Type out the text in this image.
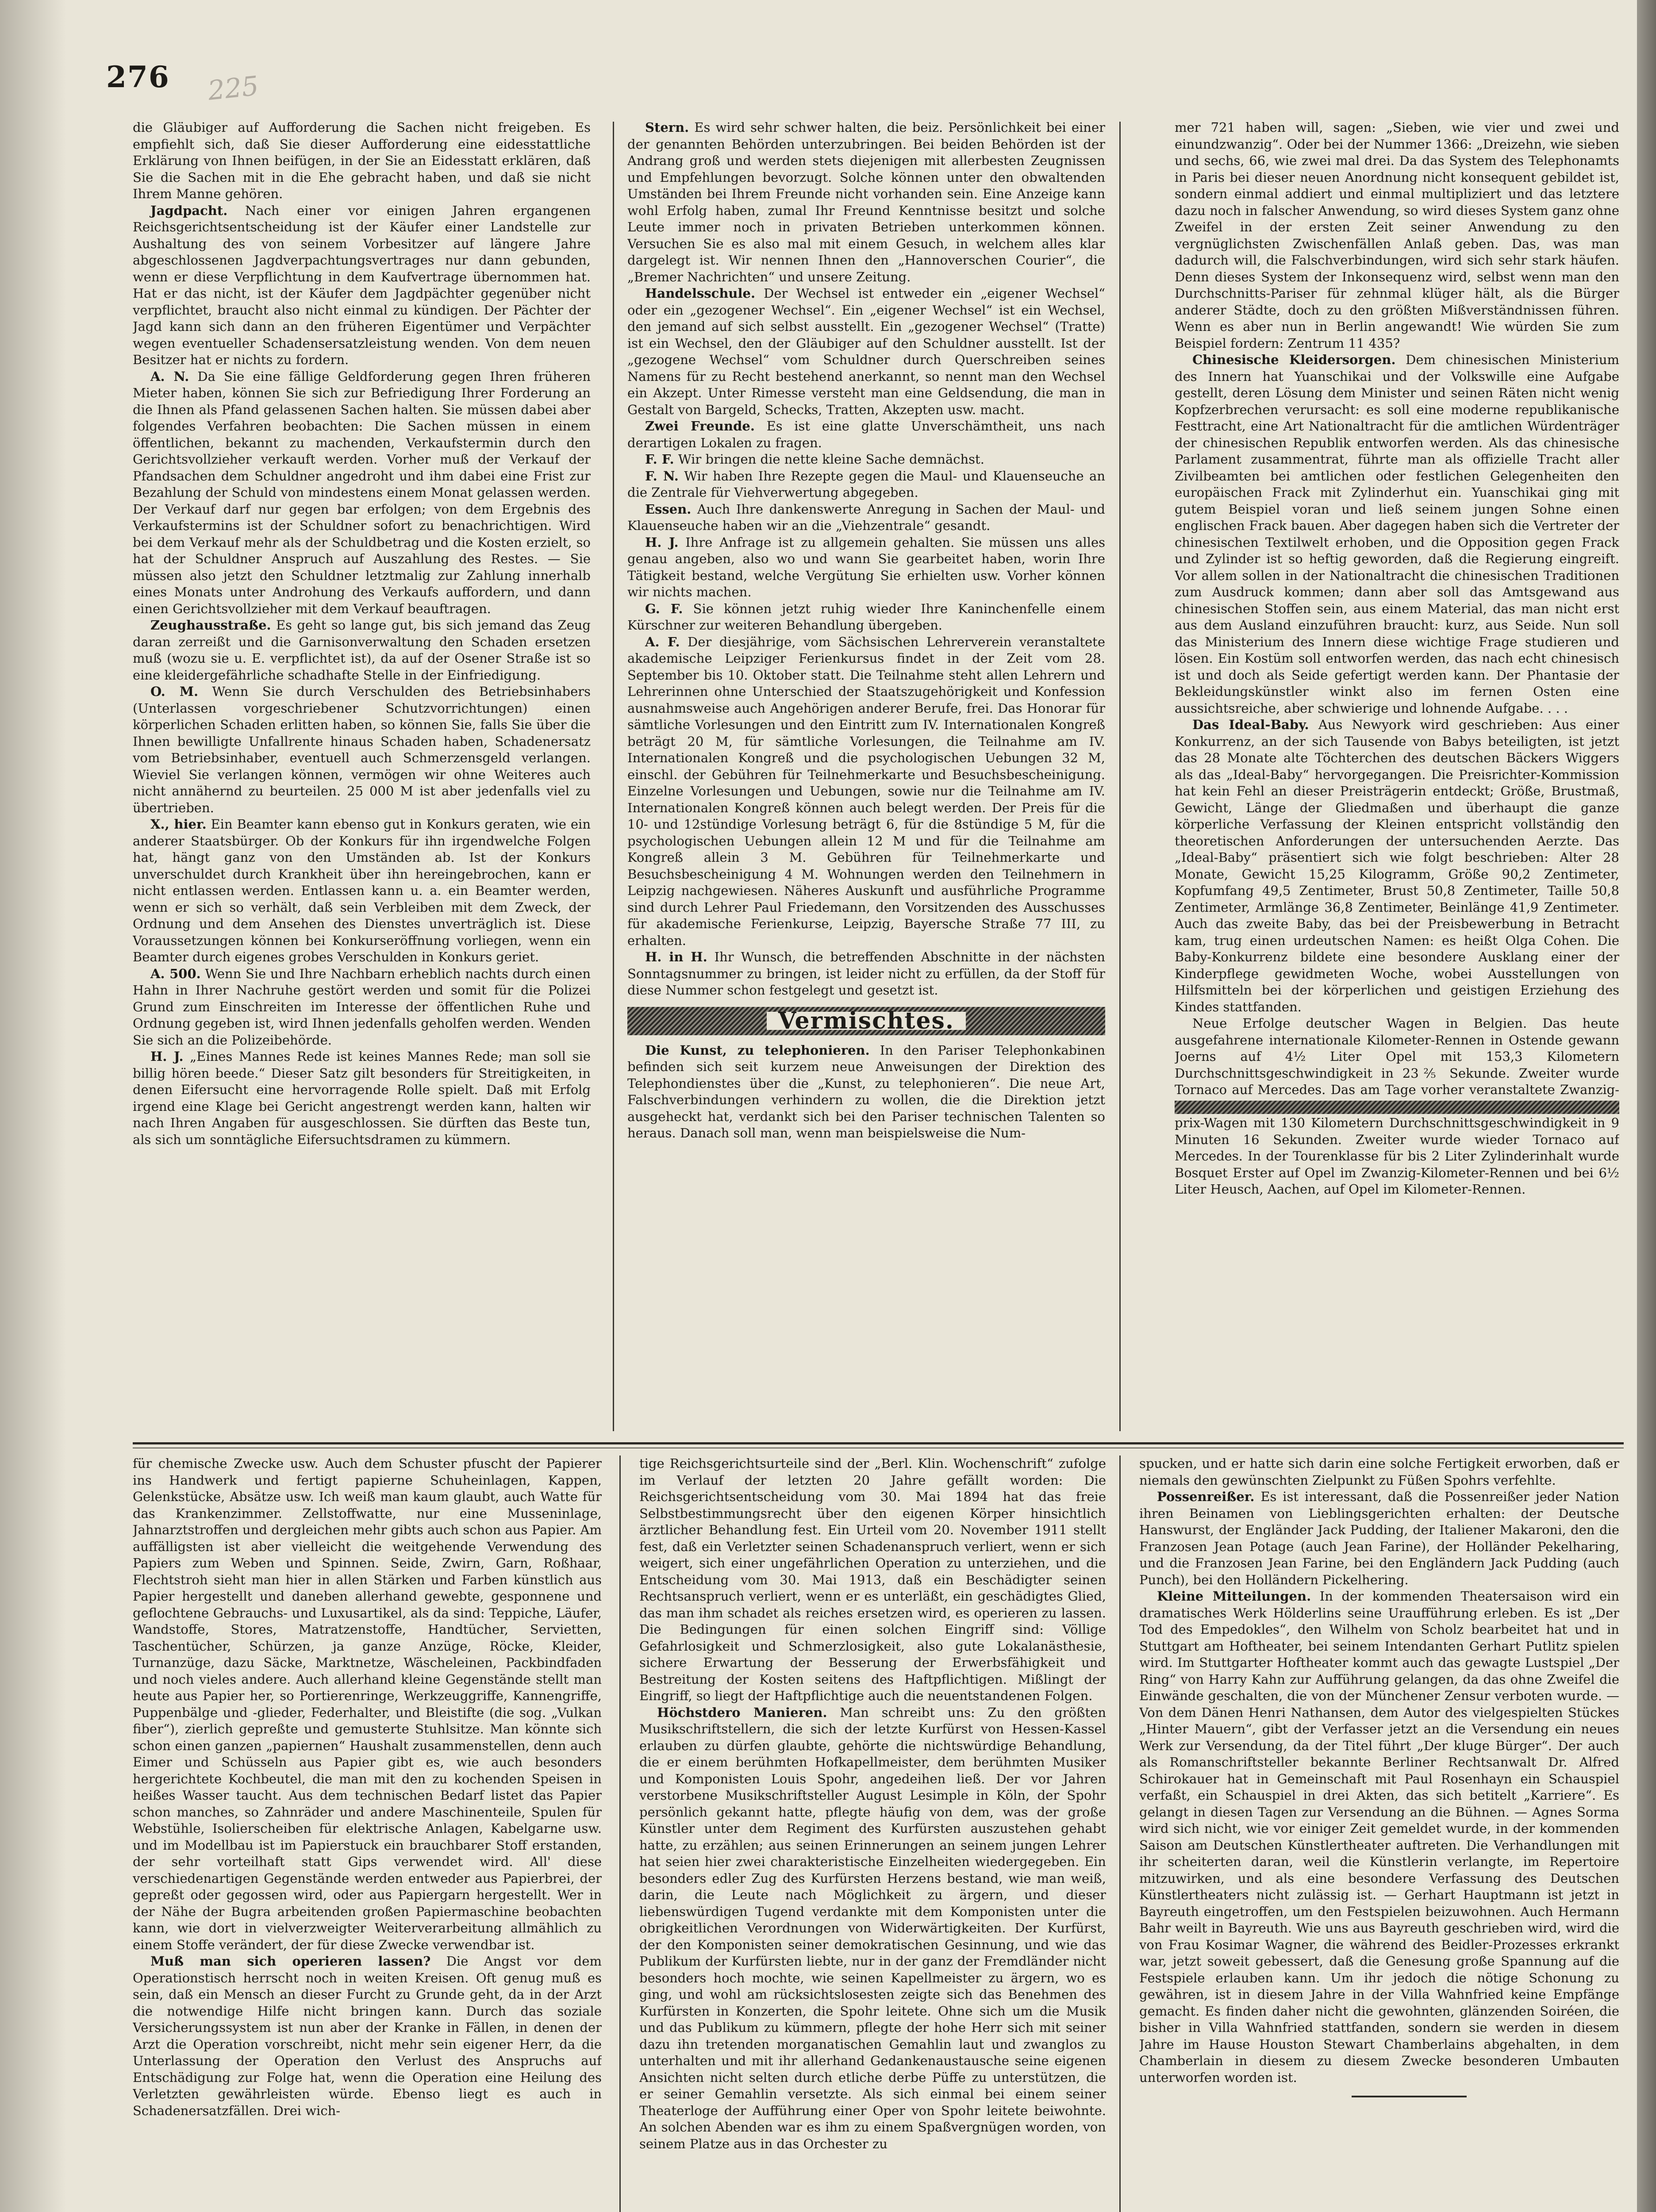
276 225

die Gläubiger auf Aufforderung die Sachen nicht freigeben. Es empfiehlt sich, daß Sie dieser Aufforderung eine eidesstattliche Erklärung von Ihnen beifügen, in der Sie an Eidesstatt erklären, daß Sie die Sachen mit in die Ehe gebracht haben, und daß sie nicht Ihrem Manne gehören.

Jagdpacht. Nach einer vor einigen Jahren ergangenen Reichsgerichtsentscheidung ist der Käufer einer Landstelle zur Aushaltung des von seinem Vorbesitzer auf längere Jahre abgeschlossenen Jagdverpachtungsvertrages nur dann gebunden, wenn er diese Verpflichtung in dem Kaufvertrage übernommen hat. Hat er das nicht, ist der Käufer dem Jagdpächter gegenüber nicht verpflichtet, braucht also nicht einmal zu kündigen. Der Pächter der Jagd kann sich dann an den früheren Eigentümer und Verpächter wegen eventueller Schadensersatzleistung wenden. Von dem neuen Besitzer hat er nichts zu fordern.

A. N. Da Sie eine fällige Geldforderung gegen Ihren früheren Mieter haben, können Sie sich zur Befriedigung Ihrer Forderung an die Ihnen als Pfand gelassenen Sachen halten. Sie müssen dabei aber folgendes Verfahren beobachten: Die Sachen müssen in einem öffentlichen, bekannt zu machenden, Verkaufstermin durch den Gerichtsvollzieher verkauft werden. Vorher muß der Verkauf der Pfandsachen dem Schuldner angedroht und ihm dabei eine Frist zur Bezahlung der Schuld von mindestens einem Monat gelassen werden. Der Verkauf darf nur gegen bar erfolgen; von dem Ergebnis des Verkaufstermins ist der Schuldner sofort zu benachrichtigen. Wird bei dem Verkauf mehr als der Schuldbetrag und die Kosten erzielt, so hat der Schuldner Anspruch auf Auszahlung des Restes. — Sie müssen also jetzt den Schuldner letztmalig zur Zahlung innerhalb eines Monats unter Androhung des Verkaufs auffordern, und dann einen Gerichtsvollzieher mit dem Verkauf beauftragen.

Zeughausstraße. Es geht so lange gut, bis sich jemand das Zeug daran zerreißt und die Garnisonverwaltung den Schaden ersetzen muß (wozu sie u. E. verpflichtet ist), da auf der Osener Straße ist so eine kleidergefährliche schadhafte Stelle in der Einfriedigung.

O. M. Wenn Sie durch Verschulden des Betriebsinhabers (Unterlassen vorgeschriebener Schutzvorrichtungen) einen körperlichen Schaden erlitten haben, so können Sie, falls Sie über die Ihnen bewilligte Unfallrente hinaus Schaden haben, Schadenersatz vom Betriebsinhaber, eventuell auch Schmerzensgeld verlangen. Wieviel Sie verlangen können, vermögen wir ohne Weiteres auch nicht annähernd zu beurteilen. 25 000 M ist aber jedenfalls viel zu übertrieben.

X., hier. Ein Beamter kann ebenso gut in Konkurs geraten, wie ein anderer Staatsbürger. Ob der Konkurs für ihn irgendwelche Folgen hat, hängt ganz von den Umständen ab. Ist der Konkurs unverschuldet durch Krankheit über ihn hereingebrochen, kann er nicht entlassen werden. Entlassen kann u. a. ein Beamter werden, wenn er sich so verhält, daß sein Verbleiben mit dem Zweck, der Ordnung und dem Ansehen des Dienstes unverträglich ist. Diese Voraussetzungen können bei Konkurseröffnung vorliegen, wenn ein Beamter durch eigenes grobes Verschulden in Konkurs geriet.

A. 500. Wenn Sie und Ihre Nachbarn erheblich nachts durch einen Hahn in Ihrer Nachruhe gestört werden und somit für die Polizei Grund zum Einschreiten im Interesse der öffentlichen Ruhe und Ordnung gegeben ist, wird Ihnen jedenfalls geholfen werden. Wenden Sie sich an die Polizeibehörde.

H. J. „Eines Mannes Rede ist keines Mannes Rede; man soll sie billig hören beede.“ Dieser Satz gilt besonders für Streitigkeiten, in denen Eifersucht eine hervorragende Rolle spielt. Daß mit Erfolg irgend eine Klage bei Gericht angestrengt werden kann, halten wir nach Ihren Angaben für ausgeschlossen. Sie dürften das Beste tun, als sich um sonntägliche Eifersuchtsdramen zu kümmern.

Stern. Es wird sehr schwer halten, die beiz. Persönlichkeit bei einer der genannten Behörden unterzubringen. Bei beiden Behörden ist der Andrang groß und werden stets diejenigen mit allerbesten Zeugnissen und Empfehlungen bevorzugt. Solche können unter den obwaltenden Umständen bei Ihrem Freunde nicht vorhanden sein. Eine Anzeige kann wohl Erfolg haben, zumal Ihr Freund Kenntnisse besitzt und solche Leute immer noch in privaten Betrieben unterkommen können. Versuchen Sie es also mal mit einem Gesuch, in welchem alles klar dargelegt ist. Wir nennen Ihnen den „Hannoverschen Courier“, die „Bremer Nachrichten“ und unsere Zeitung.

Handelsschule. Der Wechsel ist entweder ein „eigener Wechsel“ oder ein „gezogener Wechsel“. Ein „eigener Wechsel“ ist ein Wechsel, den jemand auf sich selbst ausstellt. Ein „gezogener Wechsel“ (Tratte) ist ein Wechsel, den der Gläubiger auf den Schuldner ausstellt. Ist der „gezogene Wechsel“ vom Schuldner durch Querschreiben seines Namens für zu Recht bestehend anerkannt, so nennt man den Wechsel ein Akzept. Unter Rimesse versteht man eine Geldsendung, die man in Gestalt von Bargeld, Schecks, Tratten, Akzepten usw. macht.

Zwei Freunde. Es ist eine glatte Unverschämtheit, uns nach derartigen Lokalen zu fragen.

F. F. Wir bringen die nette kleine Sache demnächst.

F. N. Wir haben Ihre Rezepte gegen die Maul- und Klauenseuche an die Zentrale für Viehverwertung abgegeben.

Essen. Auch Ihre dankenswerte Anregung in Sachen der Maul- und Klauenseuche haben wir an die „Viehzentrale“ gesandt.

H. J. Ihre Anfrage ist zu allgemein gehalten. Sie müssen uns alles genau angeben, also wo und wann Sie gearbeitet haben, worin Ihre Tätigkeit bestand, welche Vergütung Sie erhielten usw. Vorher können wir nichts machen.

G. F. Sie können jetzt ruhig wieder Ihre Kaninchenfelle einem Kürschner zur weiteren Behandlung übergeben.

A. F. Der diesjährige, vom Sächsischen Lehrerverein veranstaltete akademische Leipziger Ferienkursus findet in der Zeit vom 28. September bis 10. Oktober statt. Die Teilnahme steht allen Lehrern und Lehrerinnen ohne Unterschied der Staatszugehörigkeit und Konfession ausnahmsweise auch Angehörigen anderer Berufe, frei. Das Honorar für sämtliche Vorlesungen und den Eintritt zum IV. Internationalen Kongreß beträgt 20 M, für sämtliche Vorlesungen, die Teilnahme am IV. Internationalen Kongreß und die psychologischen Uebungen 32 M, einschl. der Gebühren für Teilnehmerkarte und Besuchsbescheinigung. Einzelne Vorlesungen und Uebungen, sowie nur die Teilnahme am IV. Internationalen Kongreß können auch belegt werden. Der Preis für die 10- und 12stündige Vorlesung beträgt 6, für die 8stündige 5 M, für die psychologischen Uebungen allein 12 M und für die Teilnahme am Kongreß allein 3 M. Gebühren für Teilnehmerkarte und Besuchsbescheinigung 4 M. Wohnungen werden den Teilnehmern in Leipzig nachgewiesen. Näheres Auskunft und ausführliche Programme sind durch Lehrer Paul Friedemann, den Vorsitzenden des Ausschusses für akademische Ferienkurse, Leipzig, Bayersche Straße 77 III, zu erhalten.

H. in H. Ihr Wunsch, die betreffenden Abschnitte in der nächsten Sonntagsnummer zu bringen, ist leider nicht zu erfüllen, da der Stoff für diese Nummer schon festgelegt und gesetzt ist.

Vermischtes.

Die Kunst, zu telephonieren. In den Pariser Telephonkabinen befinden sich seit kurzem neue Anweisungen der Direktion des Telephondienstes über die „Kunst, zu telephonieren“. Die neue Art, Falschverbindungen verhindern zu wollen, die die Direktion jetzt ausgeheckt hat, verdankt sich bei den Pariser technischen Talenten so heraus. Danach soll man, wenn man beispielsweise die Num-

mer 721 haben will, sagen: „Sieben, wie vier und zwei und einundzwanzig“. Oder bei der Nummer 1366: „Dreizehn, wie sieben und sechs, 66, wie zwei mal drei. Da das System des Telephonamts in Paris bei dieser neuen Anordnung nicht konsequent gebildet ist, sondern einmal addiert und einmal multipliziert und das letztere dazu noch in falscher Anwendung, so wird dieses System ganz ohne Zweifel in der ersten Zeit seiner Anwendung zu den vergnüglichsten Zwischenfällen Anlaß geben. Das, was man dadurch will, die Falschverbindungen, wird sich sehr stark häufen. Denn dieses System der Inkonsequenz wird, selbst wenn man den Durchschnitts-Pariser für zehnmal klüger hält, als die Bürger anderer Städte, doch zu den größten Mißverständnissen führen. Wenn es aber nun in Berlin angewandt! Wie würden Sie zum Beispiel fordern: Zentrum 11 435?

Chinesische Kleidersorgen. Dem chinesischen Ministerium des Innern hat Yuanschikai und der Volkswille eine Aufgabe gestellt, deren Lösung dem Minister und seinen Räten nicht wenig Kopfzerbrechen verursacht: es soll eine moderne republikanische Festtracht, eine Art Nationaltracht für die amtlichen Würdenträger der chinesischen Republik entworfen werden. Als das chinesische Parlament zusammentrat, führte man als offizielle Tracht aller Zivilbeamten bei amtlichen oder festlichen Gelegenheiten den europäischen Frack mit Zylinderhut ein. Yuanschikai ging mit gutem Beispiel voran und ließ seinem jungen Sohne einen englischen Frack bauen. Aber dagegen haben sich die Vertreter der chinesischen Textilwelt erhoben, und die Opposition gegen Frack und Zylinder ist so heftig geworden, daß die Regierung eingreift. Vor allem sollen in der Nationaltracht die chinesischen Traditionen zum Ausdruck kommen; dann aber soll das Amtsgewand aus chinesischen Stoffen sein, aus einem Material, das man nicht erst aus dem Ausland einzuführen braucht: kurz, aus Seide. Nun soll das Ministerium des Innern diese wichtige Frage studieren und lösen. Ein Kostüm soll entworfen werden, das nach echt chinesisch ist und doch als Seide gefertigt werden kann. Der Phantasie der Bekleidungskünstler winkt also im fernen Osten eine aussichtsreiche, aber schwierige und lohnende Aufgabe. . . .

Das Ideal-Baby. Aus Newyork wird geschrieben: Aus einer Konkurrenz, an der sich Tausende von Babys beteiligten, ist jetzt das 28 Monate alte Töchterchen des deutschen Bäckers Wiggers als das „Ideal-Baby“ hervorgegangen. Die Preisrichter-Kommission hat kein Fehl an dieser Preisträgerin entdeckt; Größe, Brustmaß, Gewicht, Länge der Gliedmaßen und überhaupt die ganze körperliche Verfassung der Kleinen entspricht vollständig den theoretischen Anforderungen der untersuchenden Aerzte. Das „Ideal-Baby“ präsentiert sich wie folgt beschrieben: Alter 28 Monate, Gewicht 15,25 Kilogramm, Größe 90,2 Zentimeter, Kopfumfang 49,5 Zentimeter, Brust 50,8 Zentimeter, Taille 50,8 Zentimeter, Armlänge 36,8 Zentimeter, Beinlänge 41,9 Zentimeter. Auch das zweite Baby, das bei der Preisbewerbung in Betracht kam, trug einen urdeutschen Namen: es heißt Olga Cohen. Die Baby-Konkurrenz bildete eine besondere Ausklang einer der Kinderpflege gewidmeten Woche, wobei Ausstellungen von Hilfsmitteln bei der körperlichen und geistigen Erziehung des Kindes stattfanden.

Neue Erfolge deutscher Wagen in Belgien. Das heute ausgefahrene internationale Kilometer-Rennen in Ostende gewann Joerns auf 4½ Liter Opel mit 153,3 Kilometern Durchschnittsgeschwindigkeit in 23⅖ Sekunde. Zweiter wurde Tornaco auf Mercedes. Das am Tage vorher veranstaltete Zwanzig- prix-Wagen mit 130 Kilometern Durchschnittsgeschwindigkeit in 9 Minuten 16 Sekunden. Zweiter wurde wieder Tornaco auf Mercedes. In der Tourenklasse für bis 2 Liter Zylinderinhalt wurde Bosquet Erster auf Opel im Zwanzig-Kilometer-Rennen und bei 6½ Liter Heusch, Aachen, auf Opel im Kilometer-Rennen.

für chemische Zwecke usw. Auch dem Schuster pfuscht der Papierer ins Handwerk und fertigt papierne Schuheinlagen, Kappen, Gelenkstücke, Absätze usw. Ich weiß man kaum glaubt, auch Watte für das Krankenzimmer. Zellstoffwatte, nur eine Musseninlage, Jahnarztstroffen und dergleichen mehr gibts auch schon aus Papier. Am auffälligsten ist aber vielleicht die weitgehende Verwendung des Papiers zum Weben und Spinnen. Seide, Zwirn, Garn, Roßhaar, Flechtstroh sieht man hier in allen Stärken und Farben künstlich aus Papier hergestellt und daneben allerhand gewebte, gesponnene und geflochtene Gebrauchs- und Luxusartikel, als da sind: Teppiche, Läufer, Wandstoffe, Stores, Matratzenstoffe, Handtücher, Servietten, Taschentücher, Schürzen, ja ganze Anzüge, Röcke, Kleider, Turnanzüge, dazu Säcke, Marktnetze, Wäscheleinen, Packbindfaden und noch vieles andere. Auch allerhand kleine Gegenstände stellt man heute aus Papier her, so Portierenringe, Werkzeuggriffe, Kannengriffe, Puppenbälge und -glieder, Federhalter, und Bleistifte (die sog. „Vulkan fiber“), zierlich gepreßte und gemusterte Stuhlsitze. Man könnte sich schon einen ganzen „papiernen“ Haushalt zusammenstellen, denn auch Eimer und Schüsseln aus Papier gibt es, wie auch besonders hergerichtete Kochbeutel, die man mit den zu kochenden Speisen in heißes Wasser taucht. Aus dem technischen Bedarf listet das Papier schon manches, so Zahnräder und andere Maschinenteile, Spulen für Webstühle, Isolierscheiben für elektrische Anlagen, Kabelgarne usw. und im Modellbau ist im Papierstuck ein brauchbarer Stoff erstanden, der sehr vorteilhaft statt Gips verwendet wird. All' diese verschiedenartigen Gegenstände werden entweder aus Papierbrei, der gepreßt oder gegossen wird, oder aus Papiergarn hergestellt. Wer in der Nähe der Bugra arbeitenden großen Papiermaschine beobachten kann, wie dort in vielverzweigter Weiterverarbeitung allmählich zu einem Stoffe verändert, der für diese Zwecke verwendbar ist.

Muß man sich operieren lassen? Die Angst vor dem Operationstisch herrscht noch in weiten Kreisen. Oft genug muß es sein, daß ein Mensch an dieser Furcht zu Grunde geht, da in der Arzt die notwendige Hilfe nicht bringen kann. Durch das soziale Versicherungssystem ist nun aber der Kranke in Fällen, in denen der Arzt die Operation vorschreibt, nicht mehr sein eigener Herr, da die Unterlassung der Operation den Verlust des Anspruchs auf Entschädigung zur Folge hat, wenn die Operation eine Heilung des Verletzten gewährleisten würde. Ebenso liegt es auch in Schadenersatzfällen. Drei wich-

tige Reichsgerichtsurteile sind der „Berl. Klin. Wochenschrift“ zufolge im Verlauf der letzten 20 Jahre gefällt worden: Die Reichsgerichtsentscheidung vom 30. Mai 1894 hat das freie Selbstbestimmungsrecht über den eigenen Körper hinsichtlich ärztlicher Behandlung fest. Ein Urteil vom 20. November 1911 stellt fest, daß ein Verletzter seinen Schadenanspruch verliert, wenn er sich weigert, sich einer ungefährlichen Operation zu unterziehen, und die Entscheidung vom 30. Mai 1913, daß ein Beschädigter seinen Rechtsanspruch verliert, wenn er es unterläßt, ein geschädigtes Glied, das man ihm schadet als reiches ersetzen wird, es operieren zu lassen. Die Bedingungen für einen solchen Eingriff sind: Völlige Gefahrlosigkeit und Schmerzlosigkeit, also gute Lokalanästhesie, sichere Erwartung der Besserung der Erwerbsfähigkeit und Bestreitung der Kosten seitens des Haftpflichtigen. Mißlingt der Eingriff, so liegt der Haftpflichtige auch die neuentstandenen Folgen.

Höchstdero Manieren. Man schreibt uns: Zu den größten Musikschriftstellern, die sich der letzte Kurfürst von Hessen-Kassel erlauben zu dürfen glaubte, gehörte die nichtswürdige Behandlung, die er einem berühmten Hofkapellmeister, dem berühmten Musiker und Komponisten Louis Spohr, angedeihen ließ. Der vor Jahren verstorbene Musikschriftsteller August Lesimple in Köln, der Spohr persönlich gekannt hatte, pflegte häufig von dem, was der große Künstler unter dem Regiment des Kurfürsten auszustehen gehabt hatte, zu erzählen; aus seinen Erinnerungen an seinem jungen Lehrer hat seien hier zwei charakteristische Einzelheiten wiedergegeben. Ein besonders edler Zug des Kurfürsten Herzens bestand, wie man weiß, darin, die Leute nach Möglichkeit zu ärgern, und dieser liebenswürdigen Tugend verdankte mit dem Komponisten unter die obrigkeitlichen Verordnungen von Widerwärtigkeiten. Der Kurfürst, der den Komponisten seiner demokratischen Gesinnung, und wie das Publikum der Kurfürsten liebte, nur in der ganz der Fremdländer nicht besonders hoch mochte, wie seinen Kapellmeister zu ärgern, wo es ging, und wohl am rücksichtslosesten zeigte sich das Benehmen des Kurfürsten in Konzerten, die Spohr leitete. Ohne sich um die Musik und das Publikum zu kümmern, pflegte der hohe Herr sich mit seiner dazu ihn tretenden morganatischen Gemahlin laut und zwanglos zu unterhalten und mit ihr allerhand Gedankenaustausche seine eigenen Ansichten nicht selten durch etliche derbe Püffe zu unterstützen, die er seiner Gemahlin versetzte. Als sich einmal bei einem seiner Theaterloge der Aufführung einer Oper von Spohr leitete beiwohnte. An solchen Abenden war es ihm zu einem Spaßvergnügen worden, von seinem Platze aus in das Orchester zu

spucken, und er hatte sich darin eine solche Fertigkeit erworben, daß er niemals den gewünschten Zielpunkt zu Füßen Spohrs verfehlte.

Possenreißer. Es ist interessant, daß die Possenreißer jeder Nation ihren Beinamen von Lieblingsgerichten erhalten: der Deutsche Hanswurst, der Engländer Jack Pudding, der Italiener Makaroni, den die Franzosen Jean Potage (auch Jean Farine), der Holländer Pekelharing, und die Franzosen Jean Farine, bei den Engländern Jack Pudding (auch Punch), bei den Holländern Pickelhering.

Kleine Mitteilungen. In der kommenden Theatersaison wird ein dramatisches Werk Hölderlins seine Uraufführung erleben. Es ist „Der Tod des Empedokles“, den Wilhelm von Scholz bearbeitet hat und in Stuttgart am Hoftheater, bei seinem Intendanten Gerhart Putlitz spielen wird. Im Stuttgarter Hoftheater kommt auch das gewagte Lustspiel „Der Ring“ von Harry Kahn zur Aufführung gelangen, da das ohne Zweifel die Einwände geschalten, die von der Münchener Zensur verboten wurde. — Von dem Dänen Henri Nathansen, dem Autor des vielgespielten Stückes „Hinter Mauern“, gibt der Verfasser jetzt an die Versendung ein neues Werk zur Versendung, da der Titel führt „Der kluge Bürger“. Der auch als Romanschriftsteller bekannte Berliner Rechtsanwalt Dr. Alfred Schirokauer hat in Gemeinschaft mit Paul Rosenhayn ein Schauspiel verfaßt, ein Schauspiel in drei Akten, das sich betitelt „Karriere“. Es gelangt in diesen Tagen zur Versendung an die Bühnen. — Agnes Sorma wird sich nicht, wie vor einiger Zeit gemeldet wurde, in der kommenden Saison am Deutschen Künstlertheater auftreten. Die Verhandlungen mit ihr scheiterten daran, weil die Künstlerin verlangte, im Repertoire mitzuwirken, und als eine besondere Verfassung des Deutschen Künstlertheaters nicht zulässig ist. — Gerhart Hauptmann ist jetzt in Bayreuth eingetroffen, um den Festspielen beizuwohnen. Auch Hermann Bahr weilt in Bayreuth. Wie uns aus Bayreuth geschrieben wird, wird die von Frau Kosimar Wagner, die während des Beidler-Prozesses erkrankt war, jetzt soweit gebessert, daß die Genesung große Spannung auf die Festspiele erlauben kann. Um ihr jedoch die nötige Schonung zu gewähren, ist in diesem Jahre in der Villa Wahnfried keine Empfänge gemacht. Es finden daher nicht die gewohnten, glänzenden Soiréen, die bisher in Villa Wahnfried stattfanden, sondern sie werden in diesem Jahre im Hause Houston Stewart Chamberlains abgehalten, in dem Chamberlain in diesem zu diesem Zwecke besonderen Umbauten unterworfen worden ist.
